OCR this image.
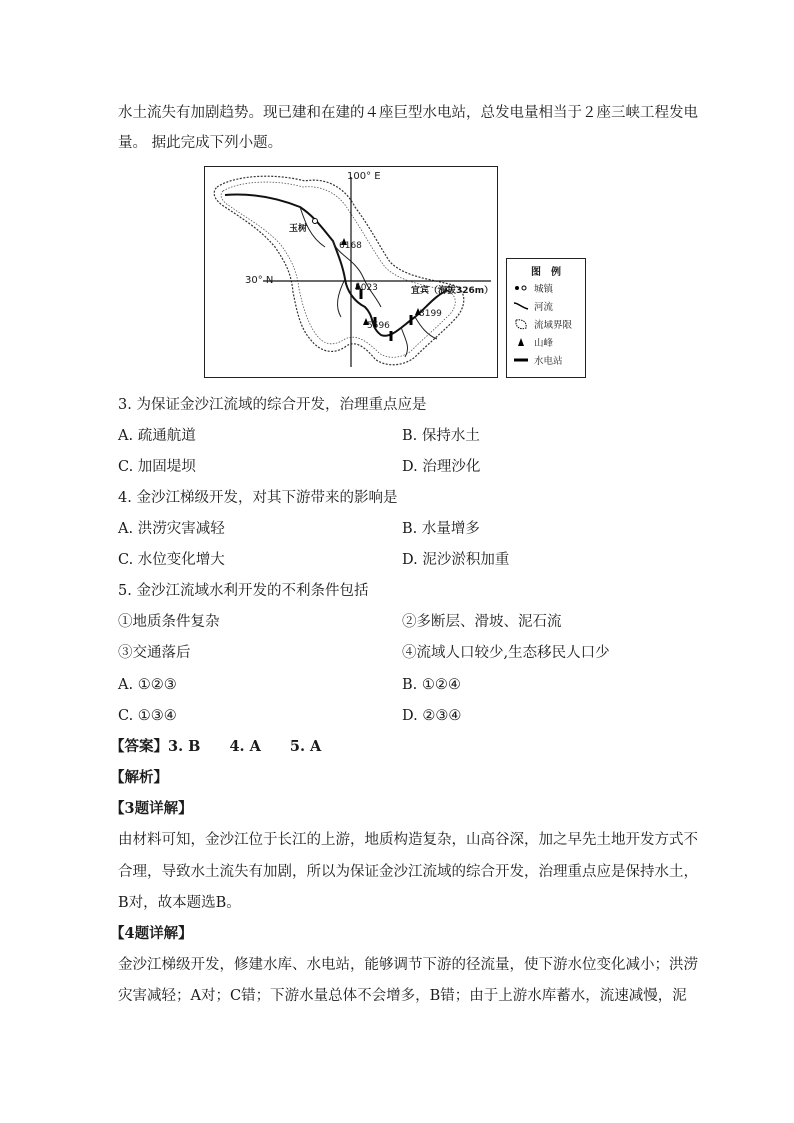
水土流失有加剧趋势。现已建和在建的４座巨型水电站，总发电量相当于２座三峡工程发电
量。 据此完成下列小题。
100° E
30° N
玉树
宜宾（海拔326m）
6168
5023
5596
3199
图　例
城镇
河流
流域界限
山峰
水电站
3. 为保证金沙江流域的综合开发，治理重点应是
A. 疏通航道	B. 保持水土
C. 加固堤坝	D. 治理沙化
4. 金沙江梯级开发，对其下游带来的影响是
A. 洪涝灾害减轻	B. 水量增多
C. 水位变化增大	D. 泥沙淤积加重
5. 金沙江流域水利开发的不利条件包括
①地质条件复杂	②多断层、滑坡、泥石流
③交通落后	④流域人口较少,生态移民人口少
A. ①②③	B. ①②④
C. ①③④	D. ②③④
【答案】3. B　　4. A　　5. A
【解析】
【3题详解】
由材料可知，金沙江位于长江的上游，地质构造复杂，山高谷深，加之早先土地开发方式不
合理，导致水土流失有加剧，所以为保证金沙江流域的综合开发，治理重点应是保持水土，
B对，故本题选B。
【4题详解】
金沙江梯级开发，修建水库、水电站，能够调节下游的径流量，使下游水位变化减小；洪涝
灾害减轻；A对；C错；下游水量总体不会增多，B错；由于上游水库蓄水，流速减慢，泥
